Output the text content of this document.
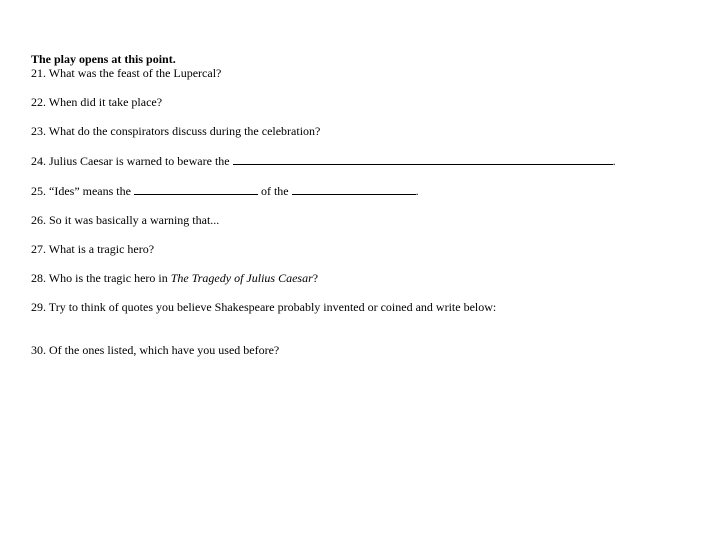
The play opens at this point.
21. What was the feast of the Lupercal?
22. When did it take place?
23. What do the conspirators discuss during the celebration?
24. Julius Caesar is warned to beware the	.
25. “Ides” means the	of the	.
26. So it was basically a warning that...
27. What is a tragic hero?
28. Who is the tragic hero in The Tragedy of Julius Caesar?
29. Try to think of quotes you believe Shakespeare probably invented or coined and write below:
30. Of the ones listed, which have you used before?
